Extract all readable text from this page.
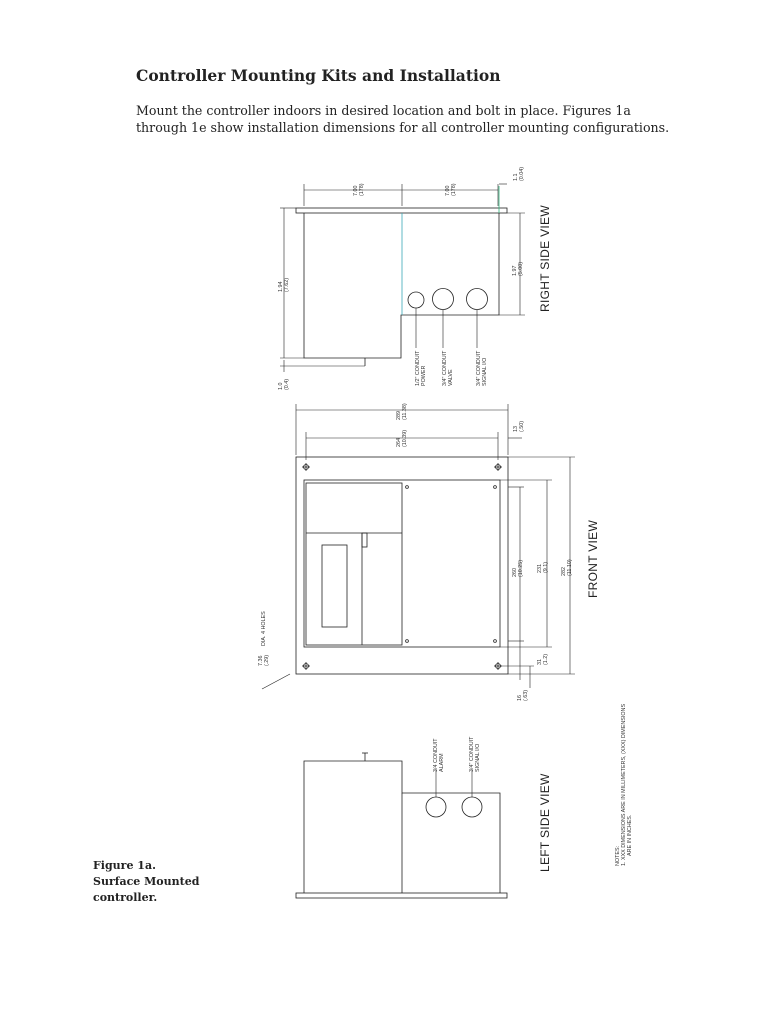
Controller Mounting Kits and Installation

Mount the controller indoors in desired location and bolt in place. Figures 1a through 1e show installation dimensions for all controller mounting configurations.

Figure 1a.
Surface Mounted
controller.
7.00(178)	7.00(178)
1.1(0.04)
1.94(7.62)
1.97(5.00)
1.0(0.4)	1/2" CONDUITPOWER	3/4" CONDUITVALVE	3/4" CONDUITSIGNAL I/O
RIGHT SIDE VIEW
289(11.38)
264(10.39)
13(.50)
260(10.25) 231(9.1) 282(11.10)
31(1.2)
16(.63)
7.36(.29)
DIA. 4 HOLES
FRONT VIEW
3/4 CONDUITALARM	3/4" CONDUITSIGNAL I/O
LEFT SIDE VIEW	NOTES: 1. XXX DIMENSIONS ARE IN MILLIMETERS, (XXX) DIMENSIONS ARE IN INCHES.
